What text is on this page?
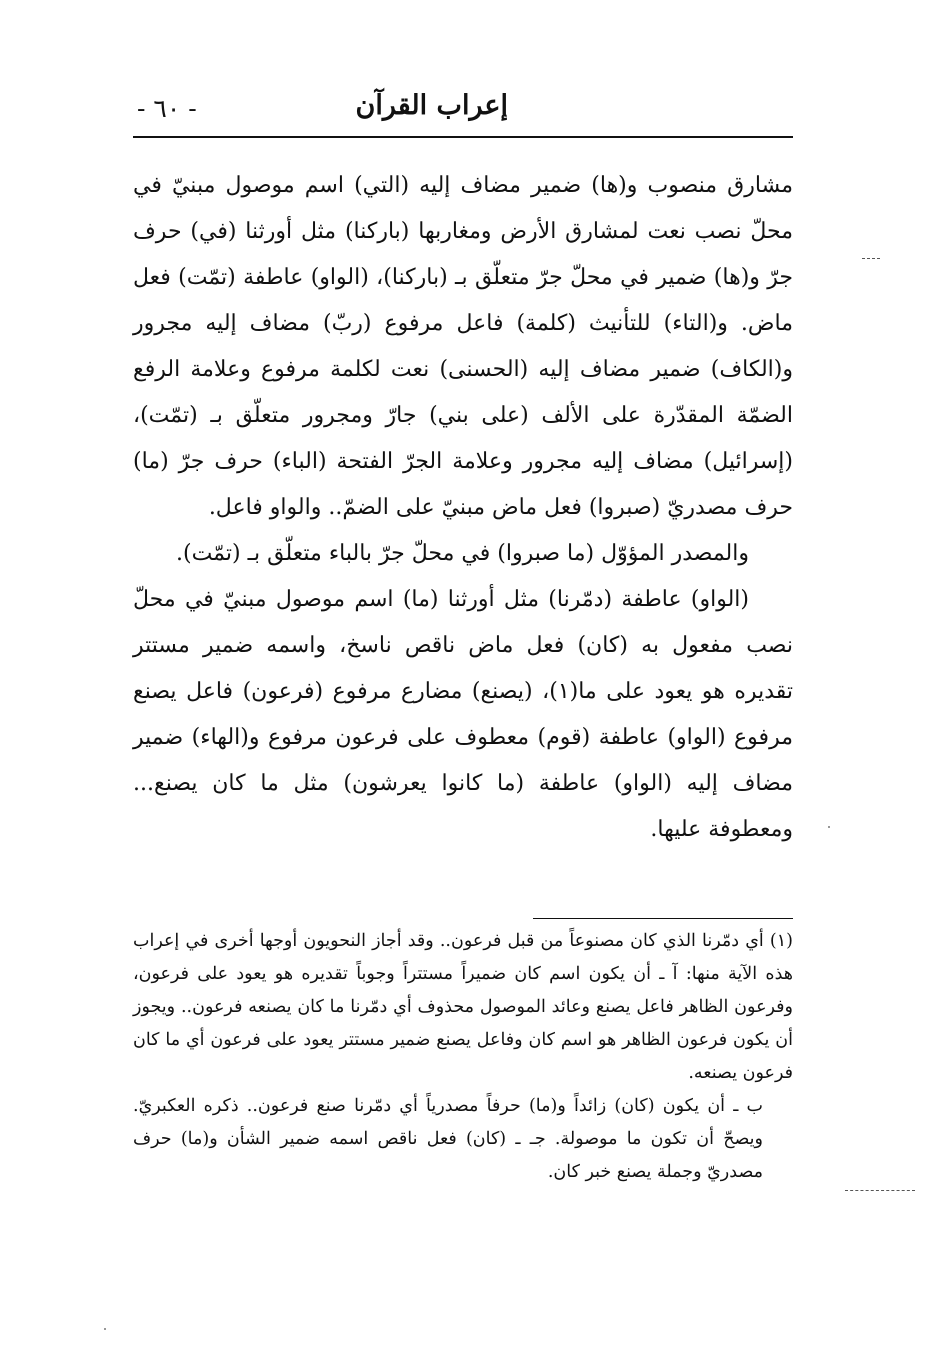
إعراب القرآن
- ٦٠ -

مشارق منصوب و(ها) ضمير مضاف إليه (التي) اسم موصول مبنيّ في محلّ نصب نعت لمشارق الأرض ومغاربها (باركنا) مثل أورثنا (في) حرف جرّ و(ها) ضمير في محلّ جرّ متعلّق بـ (باركنا)، (الواو) عاطفة (تمّت) فعل ماض. و(التاء) للتأنيث (كلمة) فاعل مرفوع (ربّ) مضاف إليه مجرور و(الكاف) ضمير مضاف إليه (الحسنى) نعت لكلمة مرفوع وعلامة الرفع الضمّة المقدّرة على الألف (على بني) جارّ ومجرور متعلّق بـ (تمّت)، (إسرائيل) مضاف إليه مجرور وعلامة الجرّ الفتحة (الباء) حرف جرّ (ما) حرف مصدريّ (صبروا) فعل ماض مبنيّ على الضمّ.. والواو فاعل.

والمصدر المؤوّل (ما صبروا) في محلّ جرّ بالباء متعلّق بـ (تمّت).

(الواو) عاطفة (دمّرنا) مثل أورثنا (ما) اسم موصول مبنيّ في محلّ نصب مفعول به (كان) فعل ماض ناقص ناسخ، واسمه ضمير مستتر تقديره هو يعود على ما(١)، (يصنع) مضارع مرفوع (فرعون) فاعل يصنع مرفوع (الواو) عاطفة (قوم) معطوف على فرعون مرفوع و(الهاء) ضمير مضاف إليه (الواو) عاطفة (ما كانوا يعرشون) مثل ما كان يصنع... ومعطوفة عليها.

(١) أي دمّرنا الذي كان مصنوعاً من قبل فرعون.. وقد أجاز النحويون أوجها أخرى في إعراب هذه الآية منها: آ ـ أن يكون اسم كان ضميراً مستتراً وجوباً تقديره هو يعود على فرعون، وفرعون الظاهر فاعل يصنع وعائد الموصول محذوف أي دمّرنا ما كان يصنعه فرعون.. ويجوز أن يكون فرعون الظاهر هو اسم كان وفاعل يصنع ضمير مستتر يعود على فرعون أي ما كان فرعون يصنعه.

ب ـ أن يكون (كان) زائداً و(ما) حرفاً مصدرياً أي دمّرنا صنع فرعون.. ذكره العكبريّ. ويصحّ أن تكون ما موصولة. جـ ـ (كان) فعل ناقص اسمه ضمير الشأن و(ما) حرف مصدريّ وجملة يصنع خبر كان.
